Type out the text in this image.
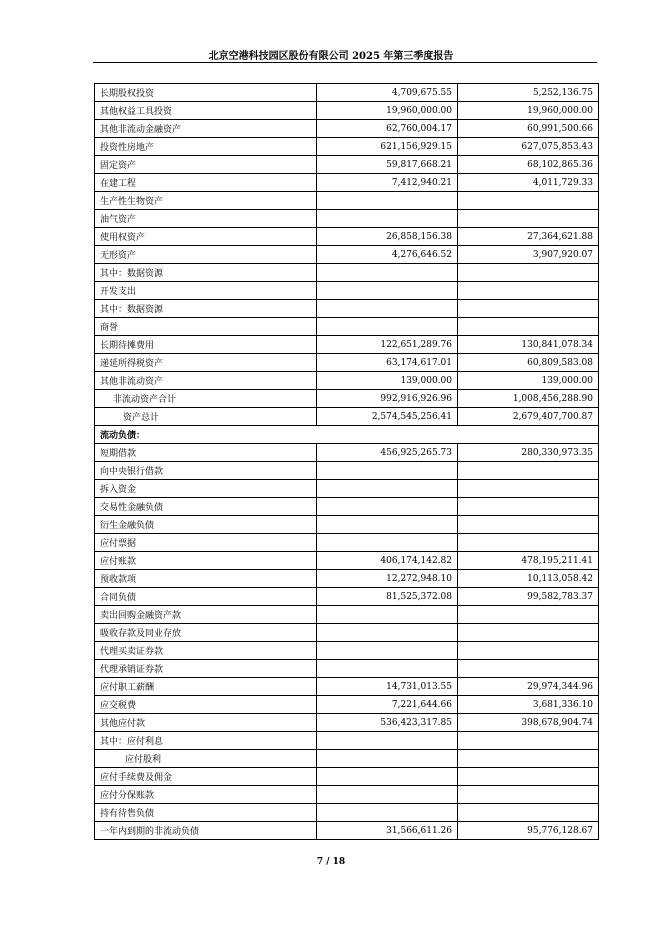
北京空港科技园区股份有限公司 2025 年第三季度报告
长期股权投资	4,709,675.55	5,252,136.75
其他权益工具投资	19,960,000.00	19,960,000.00
其他非流动金融资产	62,760,004.17	60,991,500.66
投资性房地产	621,156,929.15	627,075,853.43
固定资产	59,817,668.21	68,102,865.36
在建工程	7,412,940.21	4,011,729.33
生产性生物资产		
油气资产		
使用权资产	26,858,156.38	27,364,621.88
无形资产	4,276,646.52	3,907,920.07
其中：数据资源		
开发支出		
其中：数据资源		
商誉		
长期待摊费用	122,651,289.76	130,841,078.34
递延所得税资产	63,174,617.01	60,809,583.08
其他非流动资产	139,000.00	139,000.00
非流动资产合计	992,916,926.96	1,008,456,288.90
资产总计	2,574,545,256.41	2,679,407,700.87
流动负债：		
短期借款	456,925,265.73	280,330,973.35
向中央银行借款		
拆入资金		
交易性金融负债		
衍生金融负债		
应付票据		
应付账款	406,174,142.82	478,195,211.41
预收款项	12,272,948.10	10,113,058.42
合同负债	81,525,372.08	99,582,783.37
卖出回购金融资产款		
吸收存款及同业存放		
代理买卖证券款		
代理承销证券款		
应付职工薪酬	14,731,013.55	29,974,344.96
应交税费	7,221,644.66	3,681,336.10
其他应付款	536,423,317.85	398,678,904.74
其中：应付利息		
应付股利		
应付手续费及佣金		
应付分保账款		
持有待售负债		
一年内到期的非流动负债	31,566,611.26	95,776,128.67
7 / 18
